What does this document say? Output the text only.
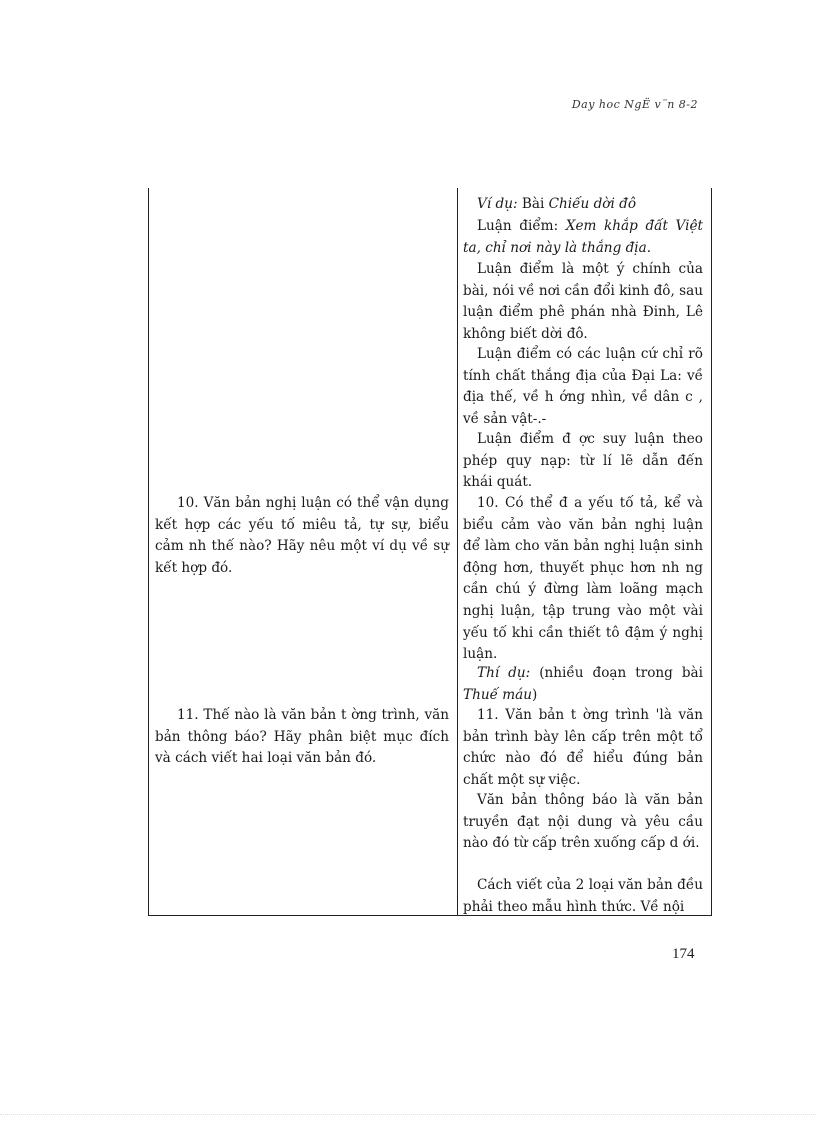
Day hoc NgË v¨n 8-2

10. Văn bản nghị luận có thể vận dụng kết hợp các yếu tố miêu tả, tự sự, biểu cảm nh thế nào? Hãy nêu một ví dụ về sự kết hợp đó.

11. Thế nào là văn bản t ờng trình, văn bản thông báo? Hãy phân biệt mục đích và cách viết hai loại văn bản đó.

Ví dụ: Bài Chiếu dời đô

Luận điểm: Xem khắp đất Việt ta, chỉ nơi này là thắng địa.

Luận điểm là một ý chính của bài, nói về nơi cần đổi kinh đô, sau luận điểm phê phán nhà Đinh, Lê không biết dời đô.

Luận điểm có các luận cứ chỉ rõ tính chất thắng địa của Đại La: về địa thế, về h ớng nhìn, về dân c , về sản vật-.-

Luận điểm đ ợc suy luận theo phép quy nạp: từ lí lẽ dẫn đến khái quát.

10. Có thể đ a yếu tố tả, kể và biểu cảm vào văn bản nghị luận để làm cho văn bản nghị luận sinh động hơn, thuyết phục hơn nh ng cần chú ý đừng làm loãng mạch nghị luận, tập trung vào một vài yếu tố khi cần thiết tô đậm ý nghị luận.

Thí dụ: (nhiều đoạn trong bài Thuế máu)

11. Văn bản t ờng trình 'là văn bản trình bày lên cấp trên một tổ chức nào đó để hiểu đúng bản chất một sự việc.

Văn bản thông báo là văn bản truyền đạt nội dung và yêu cầu nào đó từ cấp trên xuống cấp d ới.

Cách viết của 2 loại văn bản đều phải theo mẫu hình thức. Về nội

174
